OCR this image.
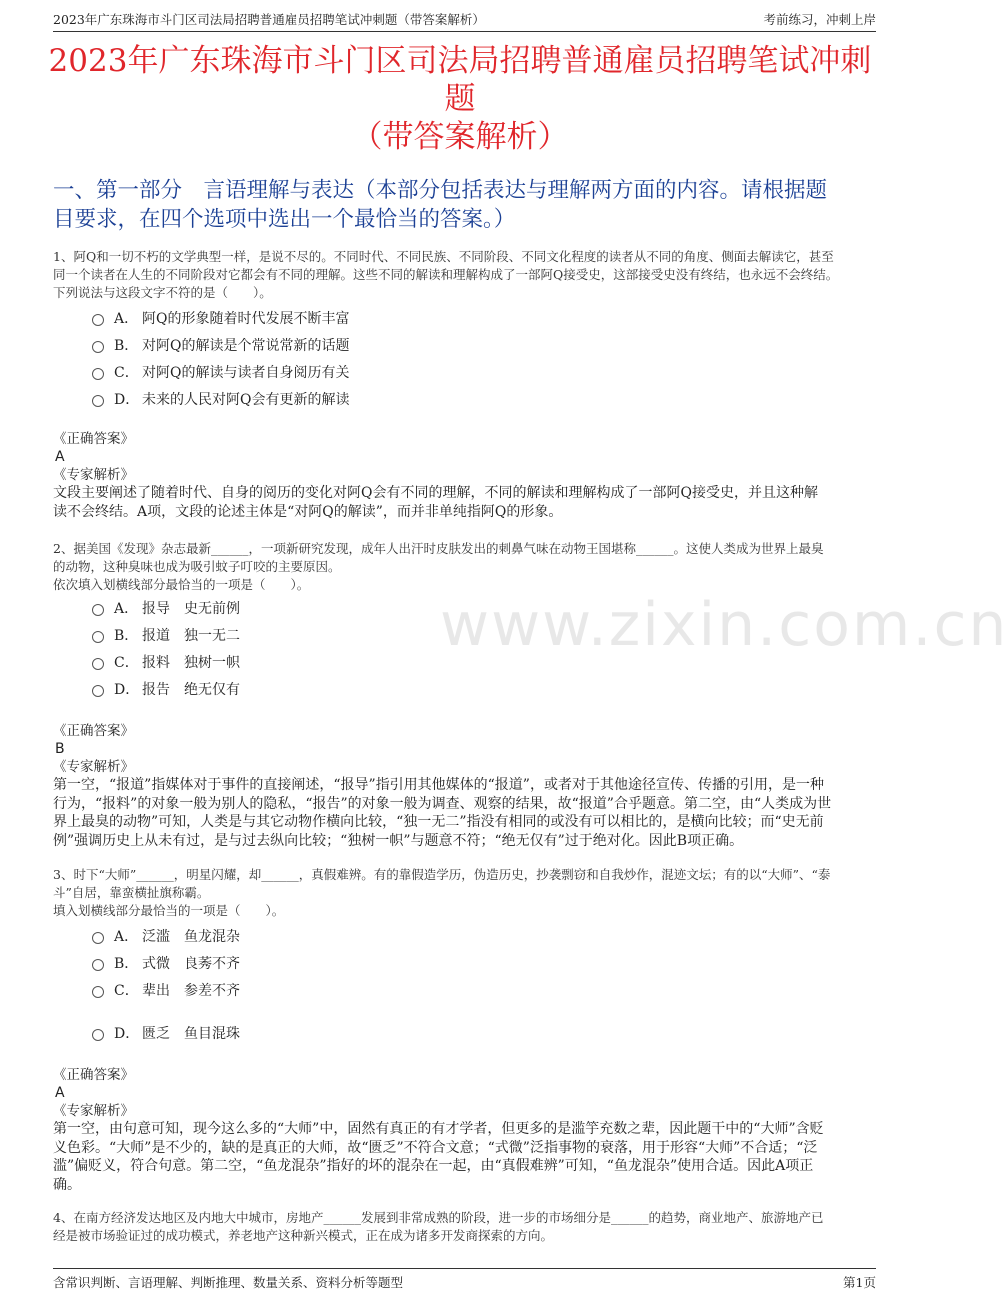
2023年广东珠海市斗门区司法局招聘普通雇员招聘笔试冲刺题（带答案解析）	考前练习，冲刺上岸
2023年广东珠海市斗门区司法局招聘普通雇员招聘笔试冲刺题
（带答案解析）
一、第一部分　言语理解与表达（本部分包括表达与理解两方面的内容。请根据题
目要求，在四个选项中选出一个最恰当的答案。）
www.zixin.com.cn
1、阿Q和一切不朽的文学典型一样，是说不尽的。不同时代、不同民族、不同阶段、不同文化程度的读者从不同的角度、侧面去解读它，甚至
同一个读者在人生的不同阶段对它都会有不同的理解。这些不同的解读和理解构成了一部阿Q接受史，这部接受史没有终结，也永远不会终结。
下列说法与这段文字不符的是（　　）。
A． 阿Q的形象随着时代发展不断丰富
B． 对阿Q的解读是个常说常新的话题
C． 对阿Q的解读与读者自身阅历有关
D． 未来的人民对阿Q会有更新的解读
《正确答案》
A
《专家解析》
文段主要阐述了随着时代、自身的阅历的变化对阿Q会有不同的理解，不同的解读和理解构成了一部阿Q接受史，并且这种解
读不会终结。A项，文段的论述主体是“对阿Q的解读”，而并非单纯指阿Q的形象。
2、据美国《发现》杂志最新______，一项新研究发现，成年人出汗时皮肤发出的刺鼻气味在动物王国堪称______。这使人类成为世界上最臭
的动物，这种臭味也成为吸引蚊子叮咬的主要原因。
依次填入划横线部分最恰当的一项是（　　）。
A． 报导　史无前例
B． 报道　独一无二
C． 报料　独树一帜
D． 报告　绝无仅有
《正确答案》
B
《专家解析》
第一空，“报道”指媒体对于事件的直接阐述，“报导”指引用其他媒体的“报道”，或者对于其他途径宣传、传播的引用，是一种
行为，“报料”的对象一般为别人的隐私，“报告”的对象一般为调查、观察的结果，故“报道”合乎题意。第二空，由“人类成为世
界上最臭的动物”可知，人类是与其它动物作横向比较，“独一无二”指没有相同的或没有可以相比的，是横向比较；而“史无前
例”强调历史上从未有过，是与过去纵向比较；“独树一帜”与题意不符；“绝无仅有”过于绝对化。因此B项正确。
3、时下“大师”______，明星闪耀，却______，真假难辨。有的靠假造学历，伪造历史，抄袭剽窃和自我炒作，混迹文坛；有的以“大师”、“泰
斗”自居，靠蛮横扯旗称霸。
填入划横线部分最恰当的一项是（　　）。
A． 泛滥　鱼龙混杂
B． 式微　良莠不齐
C． 辈出　参差不齐
D． 匮乏　鱼目混珠
《正确答案》
A
《专家解析》
第一空，由句意可知，现今这么多的“大师”中，固然有真正的有才学者，但更多的是滥竽充数之辈，因此题干中的“大师”含贬
义色彩。“大师”是不少的，缺的是真正的大师，故“匮乏”不符合文意；“式微”泛指事物的衰落，用于形容“大师”不合适；“泛
滥”偏贬义，符合句意。第二空，“鱼龙混杂”指好的坏的混杂在一起，由“真假难辨”可知，“鱼龙混杂”使用合适。因此A项正
确。
4、在南方经济发达地区及内地大中城市，房地产______发展到非常成熟的阶段，进一步的市场细分是______的趋势，商业地产、旅游地产已
经是被市场验证过的成功模式，养老地产这种新兴模式，正在成为诸多开发商探索的方向。
含常识判断、言语理解、判断推理、数量关系、资料分析等题型	第1页
